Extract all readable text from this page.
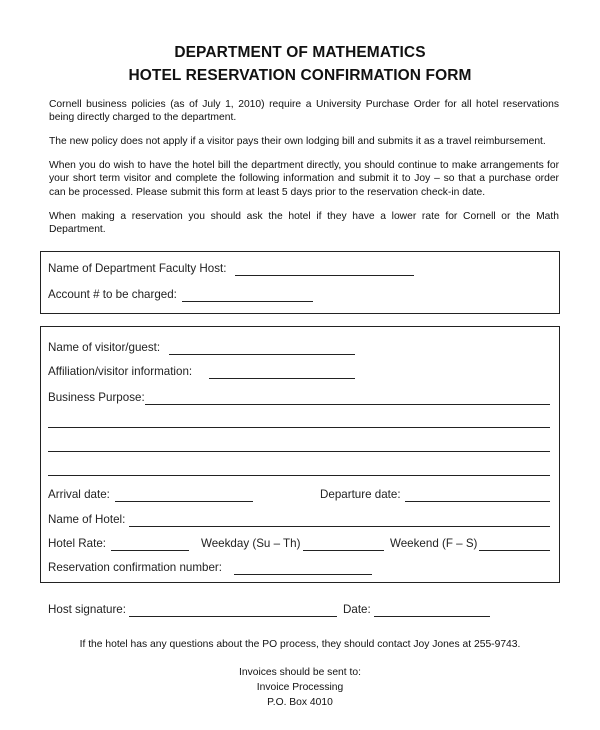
DEPARTMENT OF MATHEMATICS
HOTEL RESERVATION CONFIRMATION FORM

Cornell business policies (as of July 1, 2010) require a University Purchase Order for all hotel reservations being directly charged to the department.

The new policy does not apply if a visitor pays their own lodging bill and submits it as a travel reimbursement.

When you do wish to have the hotel bill the department directly, you should continue to make arrangements for your short term visitor and complete the following information and submit it to Joy – so that a purchase order can be processed. Please submit this form at least 5 days prior to the reservation check-in date.

When making a reservation you should ask the hotel if they have a lower rate for Cornell or the Math Department.

Name of Department Faculty Host:
Account # to be charged:
Name of visitor/guest:
Affiliation/visitor information:
Business Purpose:
Arrival date:	Departure date:
Name of Hotel:
Hotel Rate:	Weekday (Su – Th)	Weekend (F – S)
Reservation confirmation number:
Host signature:	Date:
If the hotel has any questions about the PO process, they should contact Joy Jones at 255-9743.
Invoices should be sent to:
Invoice Processing
P.O. Box 4010
